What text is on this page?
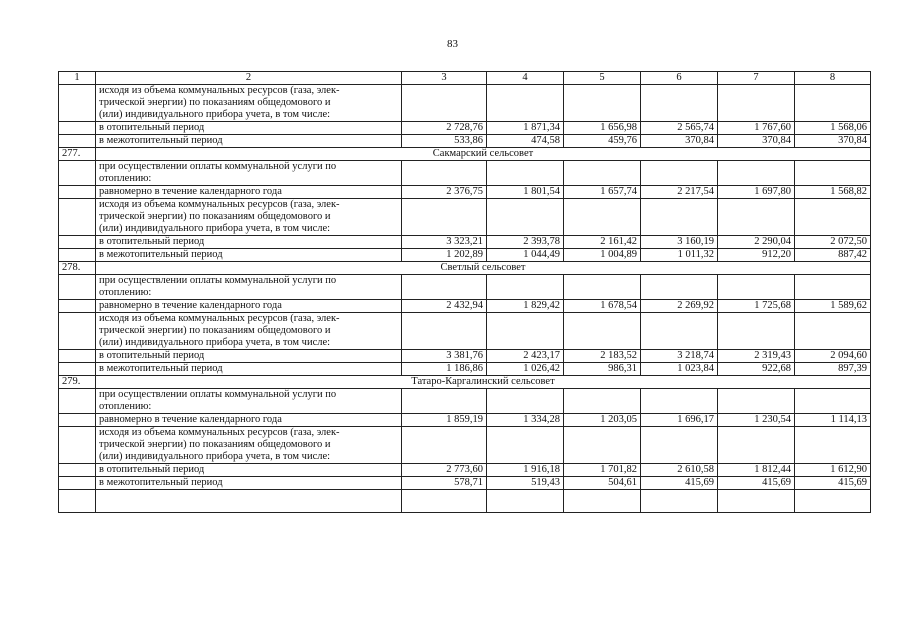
83
1	2	3	4	5	6	7	8

	исходя из объема коммунальных ресурсов (газа, элек-
трической энергии) по показаниям общедомового и
(или) индивидуального прибора учета, в том числе:						

	в отопительный период	2 728,76	1 871,34	1 656,98	2 565,74	1 767,60	1 568,06
	в межотопительный период	533,86	474,58	459,76	370,84	370,84	370,84
277.	Сакмарский сельсовет						

	при осуществлении оплаты коммунальной услуги по
отоплению:						

	равномерно в течение календарного года	2 376,75	1 801,54	1 657,74	2 217,54	1 697,80	1 568,82

	исходя из объема коммунальных ресурсов (газа, элек-
трической энергии) по показаниям общедомового и
(или) индивидуального прибора учета, в том числе:						

	в отопительный период	3 323,21	2 393,78	2 161,42	3 160,19	2 290,04	2 072,50
	в межотопительный период	1 202,89	1 044,49	1 004,89	1 011,32	912,20	887,42
278.	Светлый сельсовет						

	при осуществлении оплаты коммунальной услуги по
отоплению:						

	равномерно в течение календарного года	2 432,94	1 829,42	1 678,54	2 269,92	1 725,68	1 589,62

	исходя из объема коммунальных ресурсов (газа, элек-
трической энергии) по показаниям общедомового и
(или) индивидуального прибора учета, в том числе:						

	в отопительный период	3 381,76	2 423,17	2 183,52	3 218,74	2 319,43	2 094,60
	в межотопительный период	1 186,86	1 026,42	986,31	1 023,84	922,68	897,39
279.	Татаро-Каргалинский сельсовет						

	при осуществлении оплаты коммунальной услуги по
отоплению:						

	равномерно в течение календарного года	1 859,19	1 334,28	1 203,05	1 696,17	1 230,54	1 114,13

	исходя из объема коммунальных ресурсов (газа, элек-
трической энергии) по показаниям общедомового и
(или) индивидуального прибора учета, в том числе:						

	в отопительный период	2 773,60	1 916,18	1 701,82	2 610,58	1 812,44	1 612,90
	в межотопительный период	578,71	519,43	504,61	415,69	415,69	415,69
